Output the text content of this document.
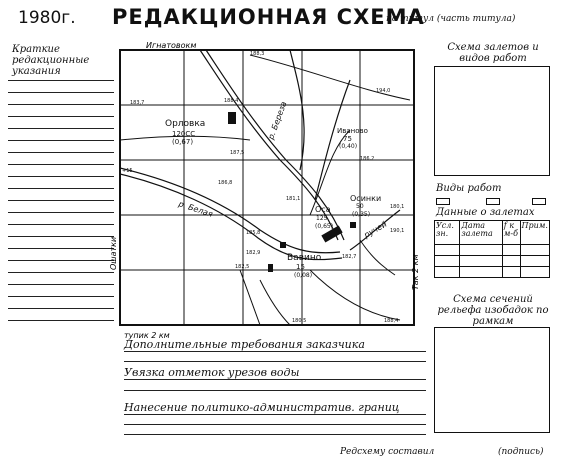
1980г. РЕДАКЦИОННАЯ СХЕМА
на титул (часть титула)
Краткие редакционные указания
Орловка
120СС
(0,67)
Иваново
75
(0,40)
Осинки
50
(0,35)
Оса
125
(0,65)
Вавино
15
(0,08)
р. Белая
р. Береза
ручей
188,3
183,7	188,4
187,5
180,1
186,8
181,1
182,7
185,8	190,1
182,9
186,2
182,5
180,5	188,4
194,0
+15
Игнатовокм
тупик 2 км
Ошатки
Так 2 км
Схема залетов и видов работ
Виды работ
Данные о залетах
Усл. зн.	Дата залета	f к м-б	Прим.

Схема сечений рельефа изобадок по рамкам
Дополнительные требования заказчика
Увязка отметок урезов воды
Нанесение политико-административ. границ
Редсхему составил	(подпись)
